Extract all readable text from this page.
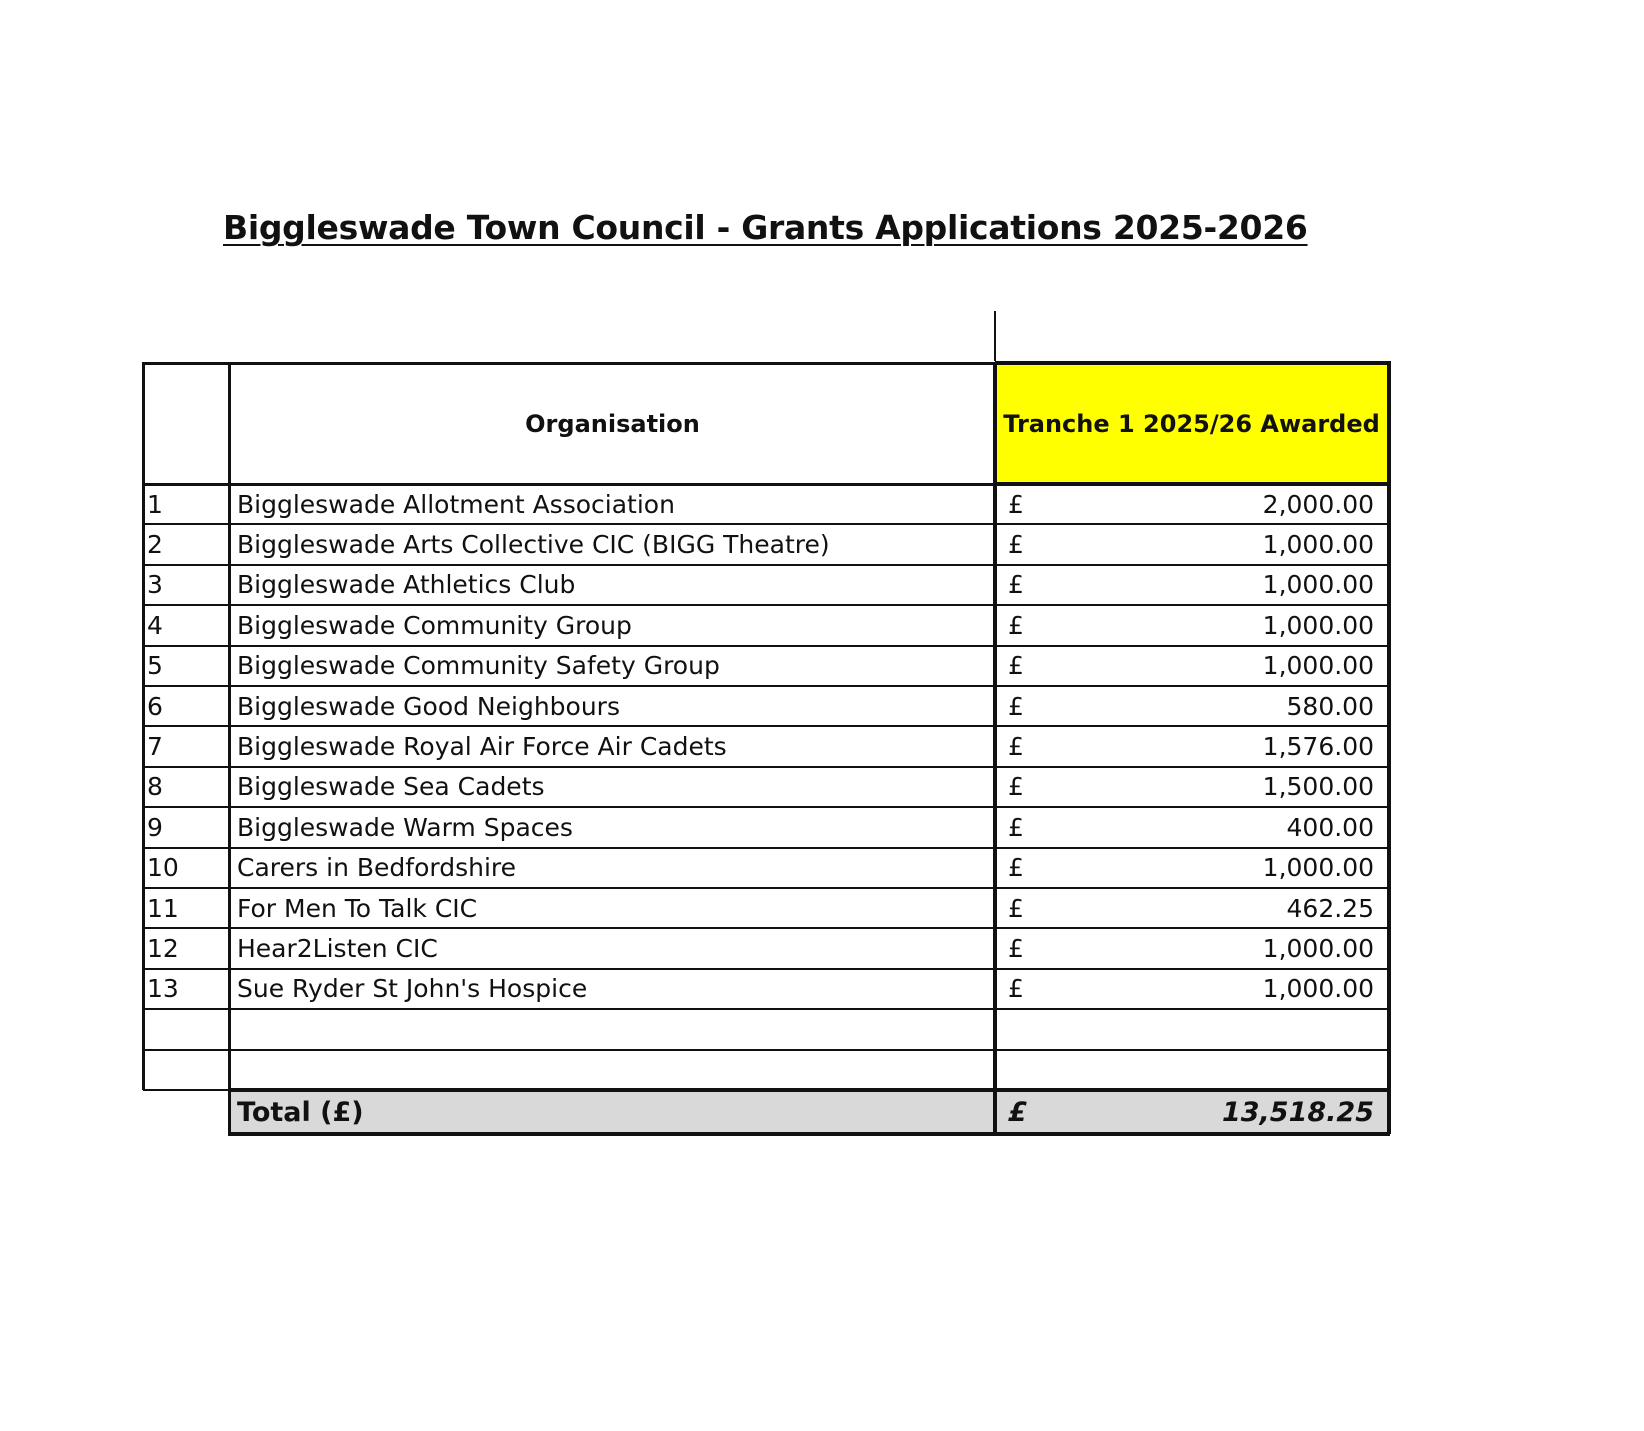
Biggleswade Town Council - Grants Applications 2025-2026
Organisation	Tranche 1 2025/26 Awarded
1	Biggleswade Allotment Association	£	2,000.00
2	Biggleswade Arts Collective CIC (BIGG Theatre)	£	1,000.00
3	Biggleswade Athletics Club	£	1,000.00
4	Biggleswade Community Group	£	1,000.00
5	Biggleswade Community Safety Group	£	1,000.00
6	Biggleswade Good Neighbours	£	580.00
7	Biggleswade Royal Air Force Air Cadets	£	1,576.00
8	Biggleswade Sea Cadets	£	1,500.00
9	Biggleswade Warm Spaces	£	400.00
10	Carers in Bedfordshire	£	1,000.00
11	For Men To Talk CIC	£	462.25
12	Hear2Listen CIC	£	1,000.00
13	Sue Ryder St John's Hospice	£	1,000.00
Total (£)	£	13,518.25
